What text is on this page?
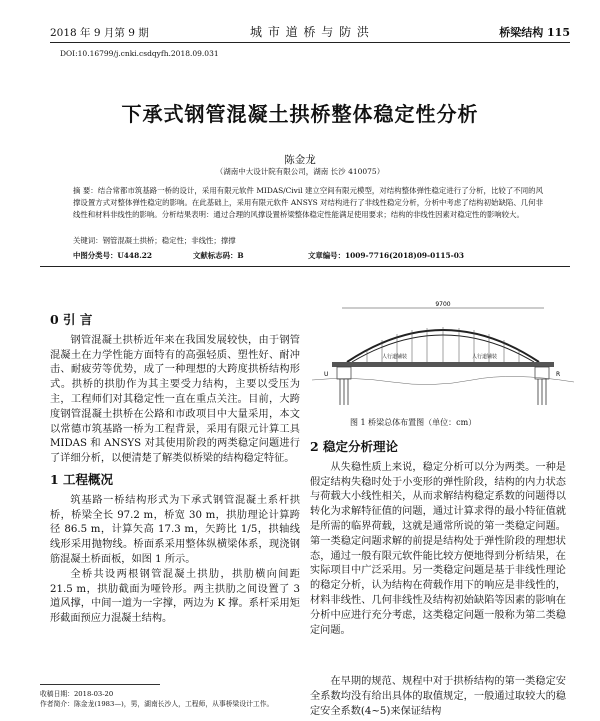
2018 年 9 月第 9 期	城 市 道 桥 与 防 洪	桥梁结构 115
DOI:10.16799/j.cnki.csdqyfh.2018.09.031
下承式钢管混凝土拱桥整体稳定性分析
陈金龙
（湖南中大设计院有限公司，湖南 长沙 410075）
摘 要：结合常都市筑基路一桥的设计，采用有限元软件 MIDAS/Civil 建立空间有限元模型，对结构整体弹性稳定进行了分析，比较了不同的风撑设置方式对整体弹性稳定的影响。在此基础上，采用有限元软件 ANSYS 对结构进行了非线性稳定分析，分析中考虑了结构初始缺陷、几何非线性和材料非线性的影响。分析结果表明：通过合理的风撑设置桥梁整体稳定性能满足使用要求；结构的非线性因素对稳定性的影响较大。
关键词：钢管混凝土拱桥；稳定性；非线性；撑撑
中图分类号：U448.22	文献标志码：B	文章编号：1009-7716(2018)09-0115-03
0 引 言

钢管混凝土拱桥近年来在我国发展较快，由于钢管混凝土在力学性能方面特有的高强轻质、塑性好、耐冲击、耐疲劳等优势，成了一种理想的大跨度拱桥结构形式。拱桥的拱肋作为其主要受力结构，主要以受压为主，工程师们对其稳定性一直在重点关注。目前，大跨度钢管混凝土拱桥在公路和市政项目中大量采用，本文以常德市筑基路一桥为工程背景，采用有限元计算工具 MIDAS 和 ANSYS 对其使用阶段的两类稳定问题进行了详细分析，以便清楚了解类似桥梁的结构稳定特征。

1 工程概况

筑基路一桥结构形式为下承式钢管混凝土系杆拱桥，桥梁全长 97.2 m，桥宽 30 m，拱肋理论计算跨径 86.5 m，计算矢高 17.3 m，矢跨比 1/5，拱轴线线形采用抛物线。桥面系采用整体纵横梁体系，现浇钢筋混凝土桥面板，如图 1 所示。

全桥共设两根钢管混凝土拱肋，拱肋横向间距 21.5 m，拱肋截面为哑铃形。两主拱肋之间设置了 3 道风撑，中间一道为一字撑，两边为 K 撑。系杆采用矩形截面预应力混凝土结构。

9700
人行道铺装	人行道铺装
U	R
图 1 桥梁总体布置图（单位：cm）
2 稳定分析理论

从失稳性质上来说，稳定分析可以分为两类。一种是假定结构失稳时处于小变形的弹性阶段，结构的内力状态与荷载大小线性相关，从而求解结构稳定系数的问题得以转化为求解特征值的问题，通过计算求得的最小特征值就是所需的临界荷载，这就是通常所说的第一类稳定问题。第一类稳定问题求解的前提是结构处于弹性阶段的理想状态，通过一般有限元软件能比较方便地得到分析结果，在实际项目中广泛采用。另一类稳定问题是基于非线性理论的稳定分析，认为结构在荷载作用下的响应是非线性的，材料非线性、几何非线性及结构初始缺陷等因素的影响在分析中应进行充分考虑，这类稳定问题一般称为第二类稳定问题。

在早期的规范、规程中对于拱桥结构的第一类稳定安全系数均没有给出具体的取值规定，一般通过取较大的稳定安全系数(4~5)来保证结构

收稿日期：2018-03-20
作者简介：陈金龙(1983—)，男，湖南长沙人，工程师，从事桥梁设计工作。
